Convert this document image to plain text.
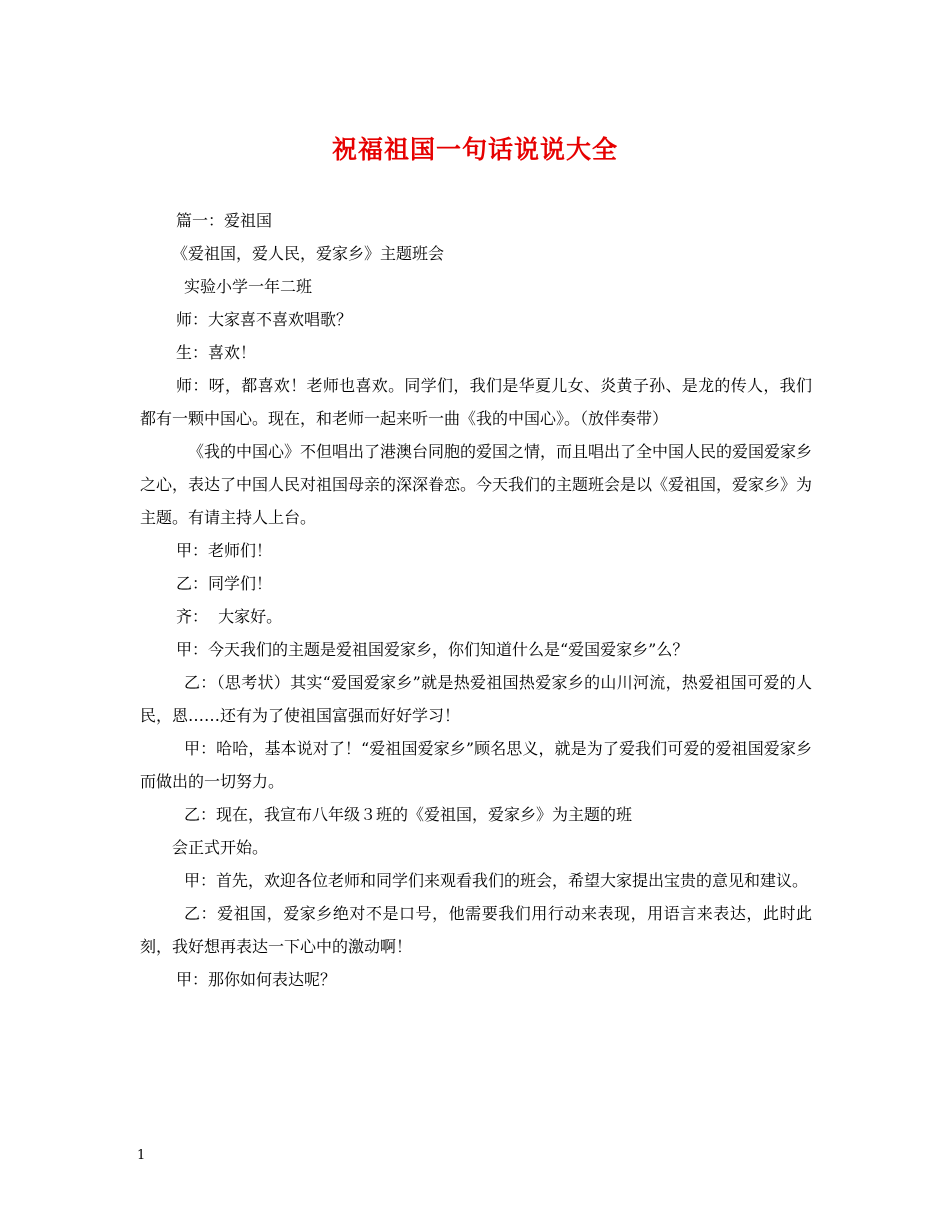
祝福祖国一句话说说大全

篇一：爱祖国

《爱祖国，爱人民，爱家乡》主题班会

实验小学一年二班

师：大家喜不喜欢唱歌？

生：喜欢！

师：呀，都喜欢！老师也喜欢。同学们，我们是华夏儿女、炎黄子孙、是龙的传人，我们都有一颗中国心。现在，和老师一起来听一曲《我的中国心》。（放伴奏带）

《我的中国心》不但唱出了港澳台同胞的爱国之情，而且唱出了全中国人民的爱国爱家乡之心，表达了中国人民对祖国母亲的深深眷恋。今天我们的主题班会是以《爱祖国，爱家乡》为主题。有请主持人上台。

甲：老师们！

乙：同学们！

齐：  大家好。

甲：今天我们的主题是爱祖国爱家乡，你们知道什么是“爱国爱家乡”么？

乙：（思考状）其实“爱国爱家乡”就是热爱祖国热爱家乡的山川河流，热爱祖国可爱的人民，恩……还有为了使祖国富强而好好学习！

甲：哈哈，基本说对了！“爱祖国爱家乡”顾名思义，就是为了爱我们可爱的爱祖国爱家乡而做出的一切努力。

乙：现在，我宣布八年级３班的《爱祖国，爱家乡》为主题的班

会正式开始。

甲：首先，欢迎各位老师和同学们来观看我们的班会，希望大家提出宝贵的意见和建议。

乙：爱祖国，爱家乡绝对不是口号，他需要我们用行动来表现，用语言来表达，此时此刻，我好想再表达一下心中的激动啊！

甲：那你如何表达呢？

1
